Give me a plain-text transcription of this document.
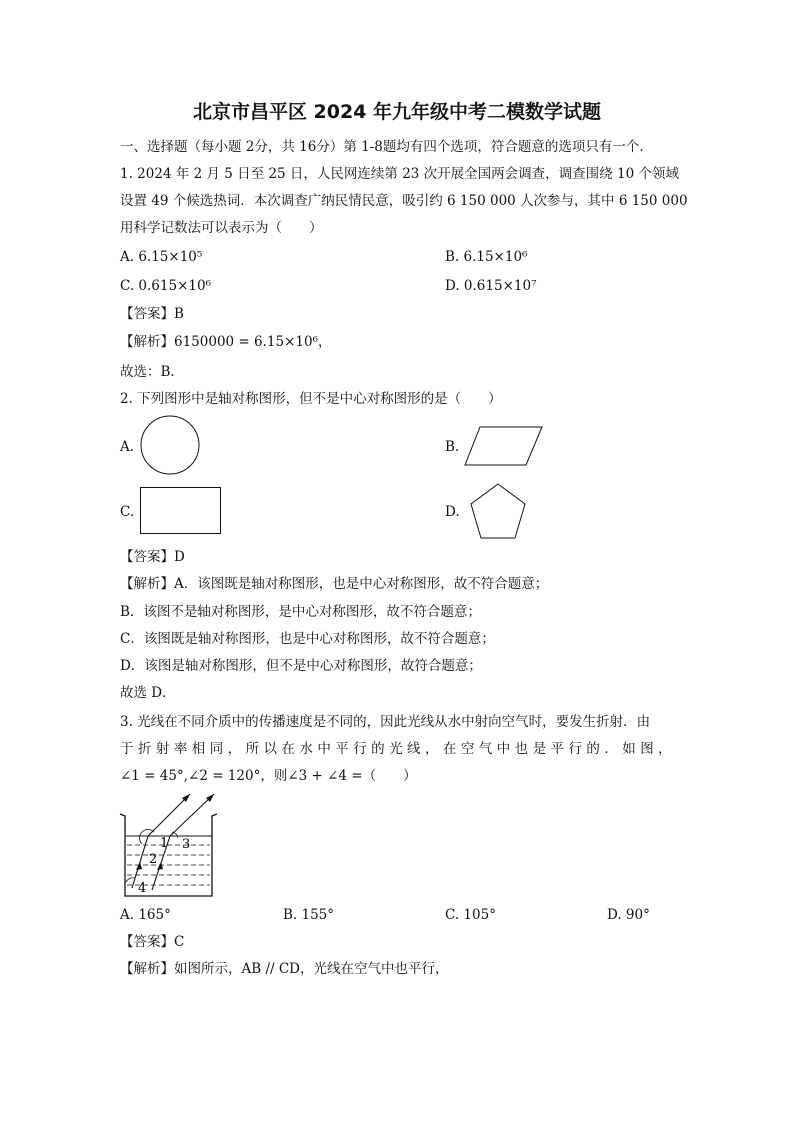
北京市昌平区 2024 年九年级中考二模数学试题
一、选择题（每小题 2分，共 16分）第 1-8题均有四个选项，符合题意的选项只有一个.
1. 2024 年 2 月 5 日至 25 日，人民网连续第 23 次开展全国两会调查，调查围绕 10 个领域
设置 49 个候选热词．本次调查广纳民情民意，吸引约 6 150 000 人次参与，其中 6 150 000
用科学记数法可以表示为（　　）
A. 6.15×10⁵	B. 6.15×10⁶
C. 0.615×10⁶	D. 0.615×10⁷
【答案】B
【解析】6150000 = 6.15×10⁶，
故选：B．
2. 下列图形中是轴对称图形，但不是中心对称图形的是（　　）
A.	B.
C.	D.
【答案】D
【解析】A．该图既是轴对称图形，也是中心对称图形，故不符合题意；
B．该图不是轴对称图形，是中心对称图形，故不符合题意；
C．该图既是轴对称图形，也是中心对称图形，故不符合题意；
D．该图是轴对称图形，但不是中心对称图形，故符合题意；
故选 D．
3. 光线在不同介质中的传播速度是不同的，因此光线从水中射向空气时，要发生折射．由
于 折 射 率 相 同 ， 所 以 在 水 中 平 行 的 光 线 ， 在 空 气 中 也 是 平 行 的 ． 如 图 ，
∠1 = 45°,∠2 = 120°，则∠3 + ∠4 =（　　）
1
2
3
4
A. 165°	B. 155°	C. 105°	D. 90°
【答案】C
【解析】如图所示，AB // CD，光线在空气中也平行，
